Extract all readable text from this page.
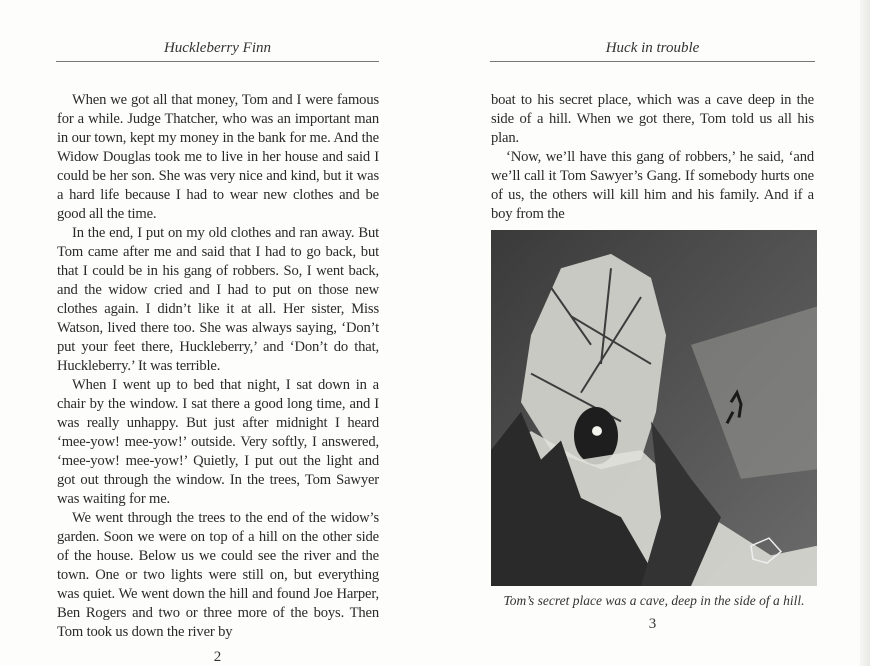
Huckleberry Finn

When we got all that money, Tom and I were famous for a while. Judge Thatcher, who was an important man in our town, kept my money in the bank for me. And the Widow Douglas took me to live in her house and said I could be her son. She was very nice and kind, but it was a hard life because I had to wear new clothes and be good all the time.

In the end, I put on my old clothes and ran away. But Tom came after me and said that I had to go back, but that I could be in his gang of robbers. So, I went back, and the widow cried and I had to put on those new clothes again. I didn’t like it at all. Her sister, Miss Watson, lived there too. She was always saying, ‘Don’t put your feet there, Huckleberry,’ and ‘Don’t do that, Huckleberry.’ It was terrible.

When I went up to bed that night, I sat down in a chair by the window. I sat there a good long time, and I was really unhappy. But just after midnight I heard ‘mee-yow! mee-yow!’ outside. Very softly, I answered, ‘mee-yow! mee-yow!’ Quietly, I put out the light and got out through the window. In the trees, Tom Sawyer was waiting for me.

We went through the trees to the end of the widow’s garden. Soon we were on top of a hill on the other side of the house. Below us we could see the river and the town. One or two lights were still on, but everything was quiet. We went down the hill and found Joe Harper, Ben Rogers and two or three more of the boys. Then Tom took us down the river by

2
Huck in trouble

boat to his secret place, which was a cave deep in the side of a hill. When we got there, Tom told us all his plan.

‘Now, we’ll have this gang of robbers,’ he said, ‘and we’ll call it Tom Sawyer’s Gang. If somebody hurts one of us, the others will kill him and his family. And if a boy from the

Tom’s secret place was a cave, deep in the side of a hill.
3
